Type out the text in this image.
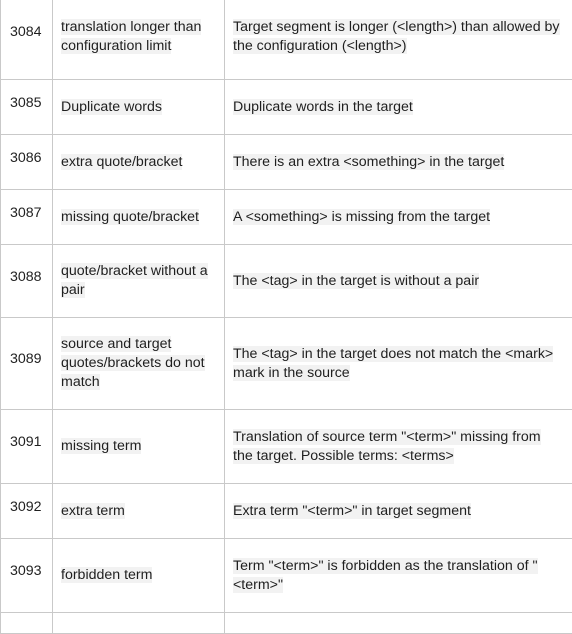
3084	translation longer than configuration limit	Target segment is longer (<length>) than allowed by the configuration (<length>)
3085	Duplicate words	Duplicate words in the target
3086	extra quote/bracket	There is an extra <something> in the target
3087	missing quote/bracket	A <something> is missing from the target
3088	quote/bracket without a pair	The <tag> in the target is without a pair
3089	source and target quotes/brackets do not match	The <tag> in the target does not match the <mark> mark in the source
3091	missing term	Translation of source term "<term>" missing from the target. Possible terms: <terms>
3092	extra term	Extra term "<term>" in target segment
3093	forbidden term	Term "<term>" is forbidden as the translation of " <term>"
